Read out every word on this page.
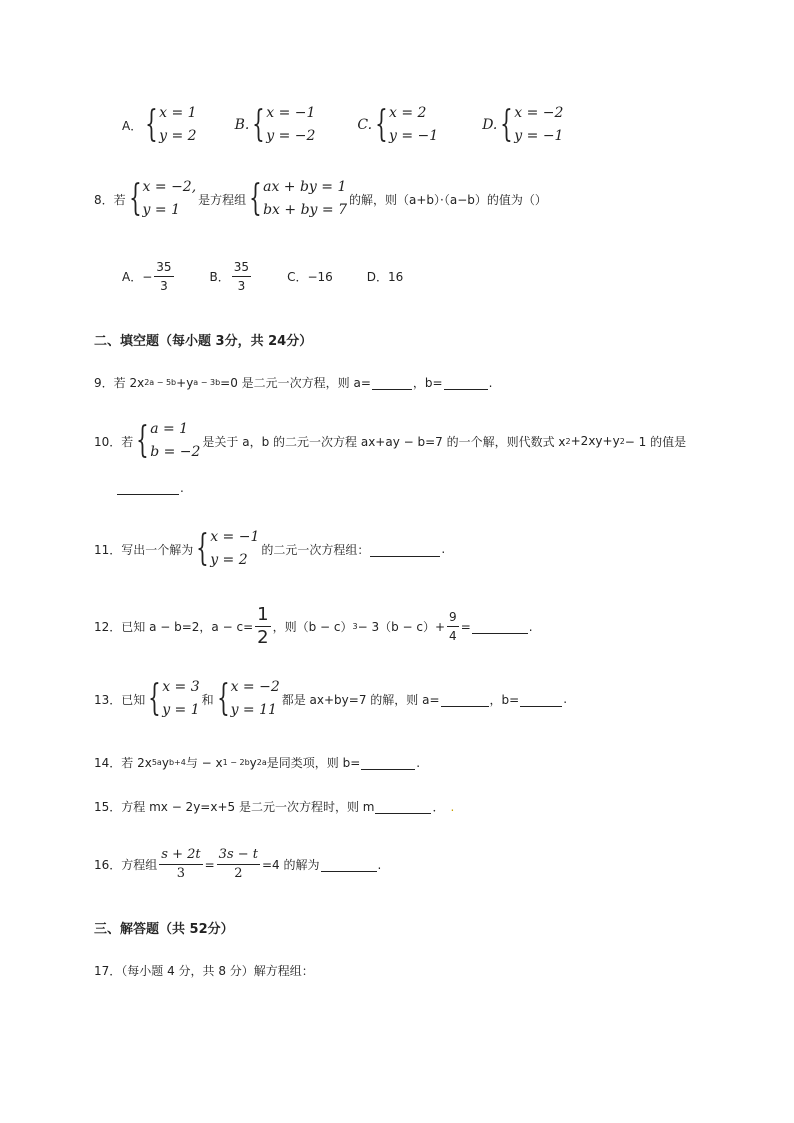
A． { x = 1
y = 2
B. { x = −1
y = −2
C. { x = 2
y = −1
D. { x = −2
y = −1
8．若 { x = −2,
y = 1
是方程组 { ax + by = 1
bx + by = 7
的解，则（a+b）·（a−b）的值为（）
A．− $\frac{35}{3}$	B． $\frac{35}{3}$	C．−16	D．16
二、填空题（每小题 3分，共 24分）
9．若 2x 2a − 5b +y a − 3b =0 是二元一次方程，则 a=	，b=	.
10．若 { a = 1
b = −2
是关于 a，b 的二元一次方程 ax+ay − b=7 的一个解，则代数式 x 2 +2xy+y 2 − 1 的值是
.
11．写出一个解为 { x = −1
y = 2
的二元一次方程组：	.
12．已知 a − b=2，$a - c= \frac{1}{2}$ ，则（b − c） $3 - 3(b - c)+ \frac{9}{4}$ =	.
13．已知 { x = 3
y = 1
和 { x = −2
y = 11
都是 ax+by=7 的解，则 a=	，b=	.
14．若 2x 5a y b+4 与 − x 1 − 2b y 2a 是同类项，则 b=	.
15．方程 mx − 2y=x+5 是二元一次方程时，则 m	． .
16．方程组 $\frac{s + 2t}{3} = \frac{3s - t}{2} =4$ 的解为	.
三、解答题（共 52分）
17．（每小题 4 分，共 8 分）解方程组：
